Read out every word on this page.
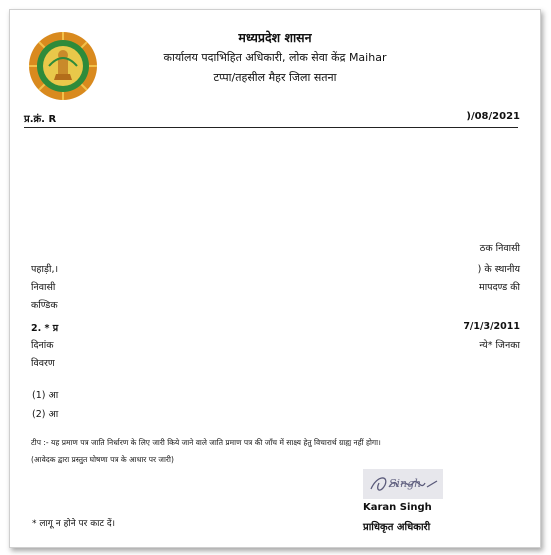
मध्यप्रदेश शासन
कार्यालय पदाभिहित अधिकारी, लोक सेवा केंद्र Maihar
टप्पा/तहसील मैहर जिला सतना
प्र.क्रं. R	)/08/2021
ठक निवासी
पहाड़ी,।	) के स्थानीय
निवासी	मापदण्ड की
कण्डिक
2. * प्र	7/1/3/2011
दिनांक	न्ये* जिनका
विवरण
(1) आ
(2) आ
टीप :- यह प्रमाण पत्र जाति निर्धारण के लिए जारी किये जाने वाले जाति प्रमाण पत्र की जाँच में साक्ष्य हेतु विचारार्थ ग्राह्य नहीं होगा।
(आवेदक द्वारा प्रस्तुत घोषणा पत्र के आधार पर जारी)
Singh
Karan Singh
प्राधिकृत अधिकारी
* लागू न होने पर काट दें।
